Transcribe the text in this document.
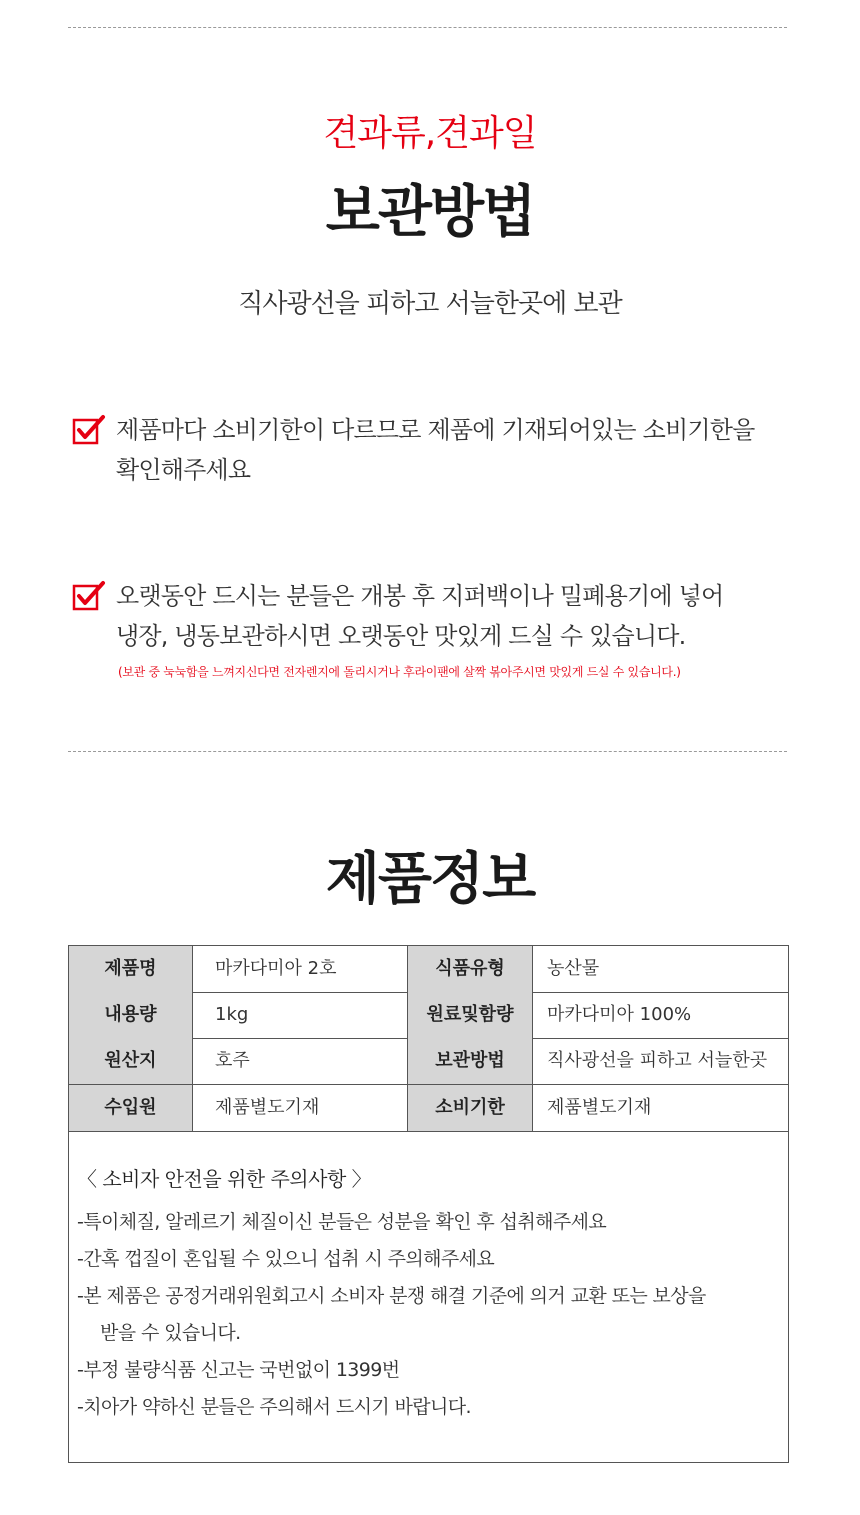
견과류,견과일
보관방법
직사광선을 피하고 서늘한곳에 보관
제품마다 소비기한이 다르므로 제품에 기재되어있는 소비기한을
확인해주세요
오랫동안 드시는 분들은 개봉 후 지퍼백이나 밀폐용기에 넣어
냉장, 냉동보관하시면 오랫동안 맛있게 드실 수 있습니다.
(보관 중 눅눅함을 느껴지신다면 전자렌지에 돌리시거나 후라이팬에 살짝 볶아주시면 맛있게 드실 수 있습니다.)
제품정보
제품명	마카다미아 2호	식품유형	농산물
내용량	1kg	원료및함량	마카다미아 100%
원산지	호주	보관방법	직사광선을 피하고 서늘한곳
수입원	제품별도기재	소비기한	제품별도기재
〈 소비자 안전을 위한 주의사항 〉
-특이체질, 알레르기 체질이신 분들은 성분을 확인 후 섭취해주세요
-간혹 껍질이 혼입될 수 있으니 섭취 시 주의해주세요
-본 제품은 공정거래위원회고시 소비자 분쟁 해결 기준에 의거 교환 또는 보상을
받을 수 있습니다.
-부정 불량식품 신고는 국번없이 1399번
-치아가 약하신 분들은 주의해서 드시기 바랍니다.
